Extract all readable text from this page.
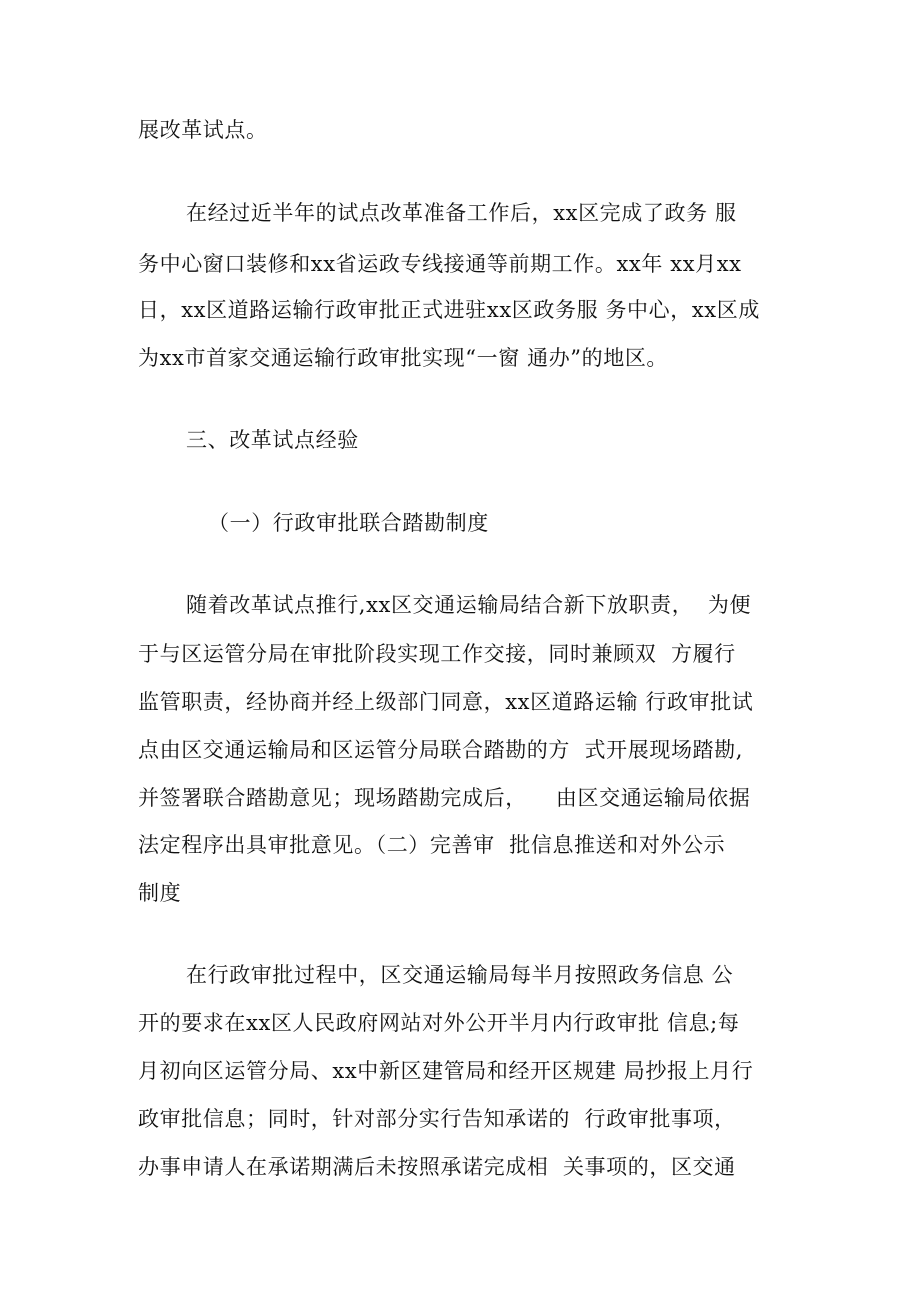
展改革试点。
在经过近半年的试点改革准备工作后，xx区完成了政务 服
务中心窗口装修和xx省运政专线接通等前期工作。xx年 xx月xx
日，xx区道路运输行政审批正式进驻xx区政务服 务中心，xx区成
为xx市首家交通运输行政审批实现“一窗 通办”的地区。
三、改革试点经验
（一）行政审批联合踏勘制度
随着改革试点推行,xx区交通运输局结合新下放职责，  为便
于与区运管分局在审批阶段实现工作交接，同时兼顾双  方履行
监管职责，经协商并经上级部门同意，xx区道路运输 行政审批试
点由区交通运输局和区运管分局联合踏勘的方  式开展现场踏勘,
并签署联合踏勘意见；现场踏勘完成后，    由区交通运输局依据
法定程序出具审批意见。（二）完善审  批信息推送和对外公示
制度
在行政审批过程中，区交通运输局每半月按照政务信息 公
开的要求在xx区人民政府网站对外公开半月内行政审批 信息;每
月初向区运管分局、xx中新区建管局和经开区规建 局抄报上月行
政审批信息；同时，针对部分实行告知承诺的  行政审批事项，
办事申请人在承诺期满后未按照承诺完成相  关事项的，区交通
